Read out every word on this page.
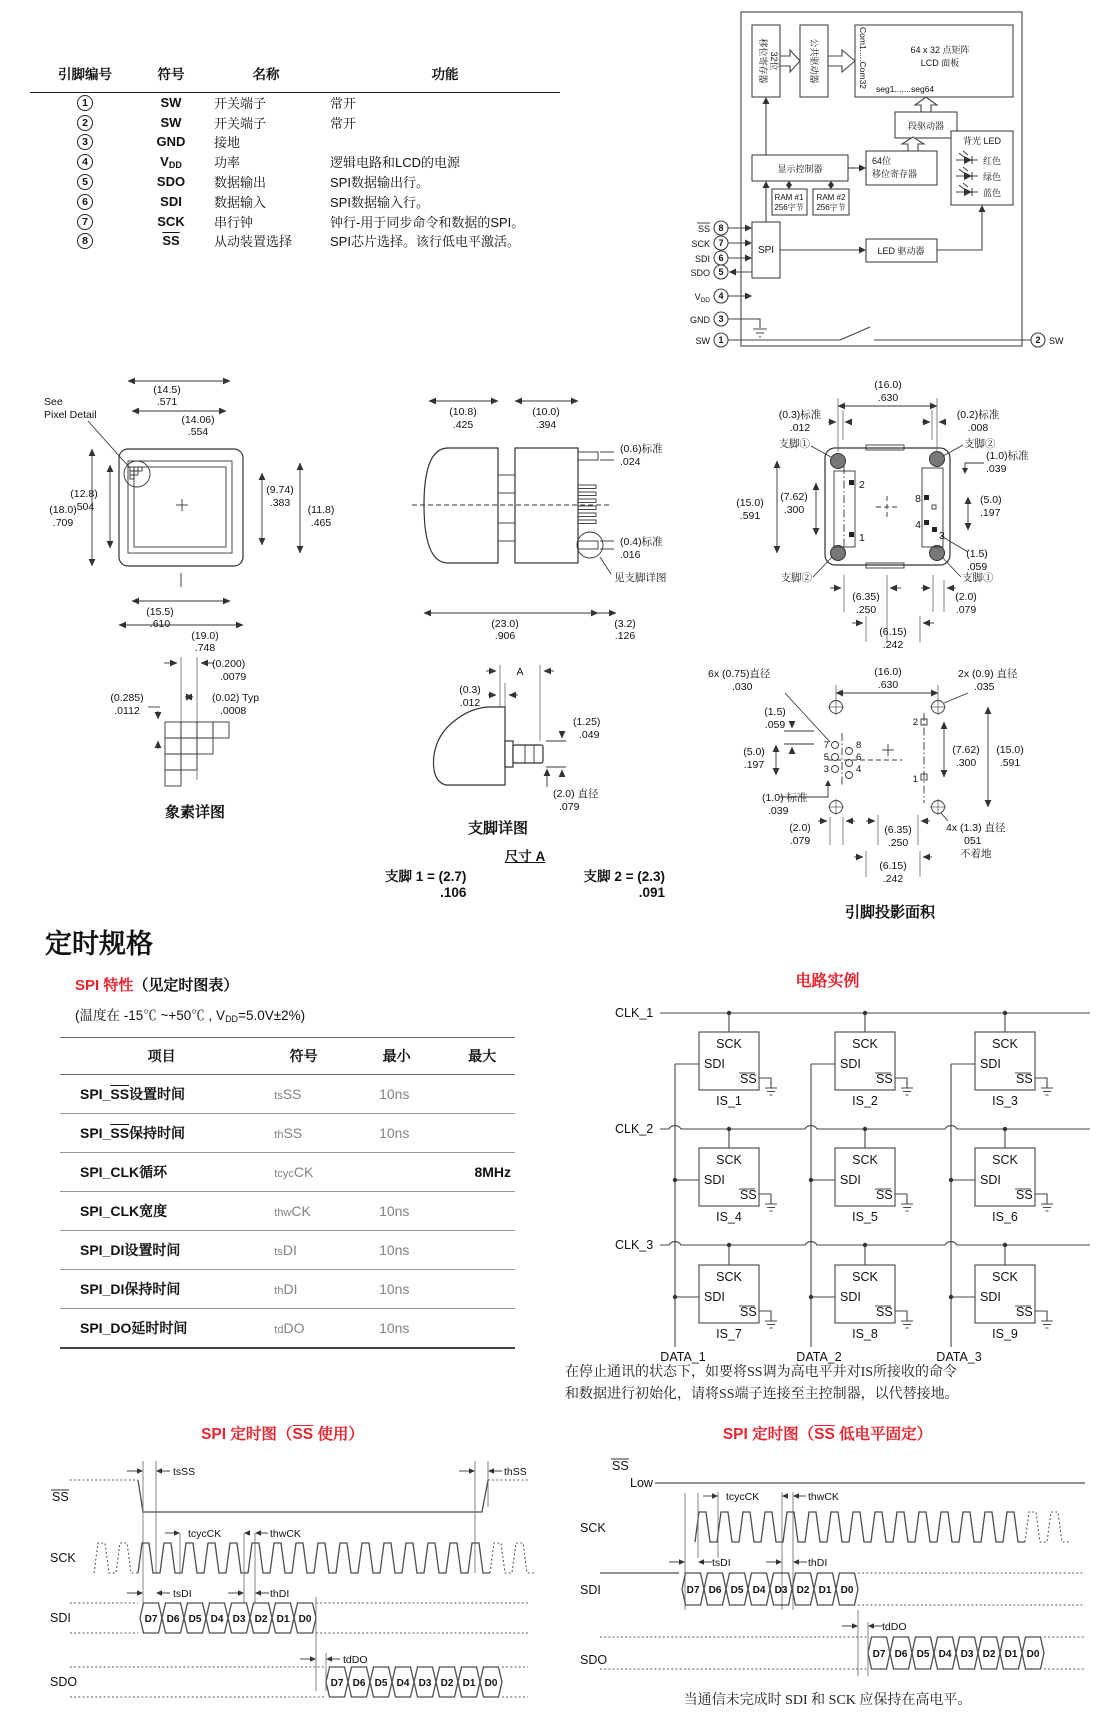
引脚编号	符号	名称	功能
1	SW	开关端子	常开
2	SW	开关端子	常开
3	GND	接地	
4	$V_{DD}$	功率	逻辑电路和LCD的电源
5	SDO	数据输出	SPI数据输出行。
6	SDI	数据输入	SPI数据输入行。
7	SCK	串行钟	钟行-用于同步命令和数据的SPI。
8	$\overline{SS}$	从动装置选择	SPI芯片选择。该行低电平激活。
32位
移位寄存器	公共驱动器	Com1.....Com32	64 x 32 点矩阵
LCD 面板
seg1.......seg64
段驱动器
背光 LED
红色
绿色
蓝色
显示控制器
64位
移位寄存器
RAM #1
256字节
RAM #2
256字节
SPI	LED 驱动器
SS 8
SCK 7
SDI 6
SDO 5
$V_{DD}$ 4
GND 3
SW 1	2 SW
See
Pixel Detail
(14.5)
.571
(14.06)
.554
(12.8)
.504
(18.0)
.709
(9.74)
.383
(11.8)
.465
(15.5)
.610
(19.0)
.748
(10.8)
.425
(10.0)
.394
(0.6)标准
.024
(0.4)标准
.016
见支脚详图
(23.0)
.906
(3.2)
.126
2
1
8
4
3
(16.0)
.630
(0.3)标准
.012
(0.2)标准
.008
支脚①	支脚②
(1.0)标准
.039
(15.0)
.591
(7.62)
.300
(5.0)
.197
(1.5)
.059
支脚②	支脚①
(6.35)
.250
(2.0)
.079
(6.15)
.242
(0.200)
.0079
(0.02) Typ
.0008
(0.285)
.0112
象素详图
A
(0.3)
.012
(1.25)
.049
(2.0) 直径
.079
支脚详图
6x (0.75)直径
.030
(16.0)
.630
2x (0.9) 直径
.035
(1.5)
.059
7
5
3
8
6
4
(5.0)
.197
(1.0) 标准
.039
(2.0)
.079
(6.35)
.250
(6.15)
.242
2
1
(7.62)
.300
(15.0)
.591
4x (1.3) 直径
051
不着地
引脚投影面积
尺寸 A
支脚 1 = (2.7)
.106
支脚 2 = (2.3)
.091
定时规格
SPI 特性（见定时图表）
(温度在 -15℃ ~+50℃ , $V_{DD}=5.0V\pm 2\%$)
项目	符号	最小	最大
$SPI\_\overline{SS}$设置时间	tsSS	10ns	
$SPI\_\overline{SS}$保持时间	thSS	10ns	
SPI_CLK循环	tcycCK		8MHz
SPI_CLK宽度	thwCK	10ns	
SPI_DI设置时间	tsDI	10ns	
SPI_DI保持时间	thDI	10ns	
SPI_DO延时时间	tdDO	10ns	
电路实例
CLK_1
CLK_2
CLK_3
DATA_1	DATA_2	DATA_3
SCK
SDI
SS
IS_1
SCK
SDI
SS
IS_2
SCK
SDI
SS
IS_3
SCK
SDI
SS
IS_4
SCK
SDI
SS
IS_5
SCK
SDI
SS
IS_6
SCK
SDI
SS
IS_7
SCK
SDI
SS
IS_8
SCK
SDI
SS
IS_9
在停止通讯的状态下，如要将SS调为高电平并对IS所接收的命令
和数据进行初始化，请将SS端子连接至主控制器，以代替接地。
SPI 定时图（$\overline{SS}$ 使用）
SS
tsSS	thSS
SCK
tcycCK	thwCK
SDI	D7 D6 D5 D4 D3 D2 D1 D0
tsDI	thDI
SDO	D7 D6 D5 D4 D3 D2 D1 D0
tdDO
SPI 定时图（$\overline{SS}$ 低电平固定）
SS
Low
SCK
tcycCK	thwCK
tsDI	thDI
SDI	D7 D6 D5 D4 D3 D2 D1 D0
SDO	D7 D6 D5 D4 D3 D2 D1 D0
tdDO
当通信未完成时 SDI 和 SCK 应保持在高电平。
